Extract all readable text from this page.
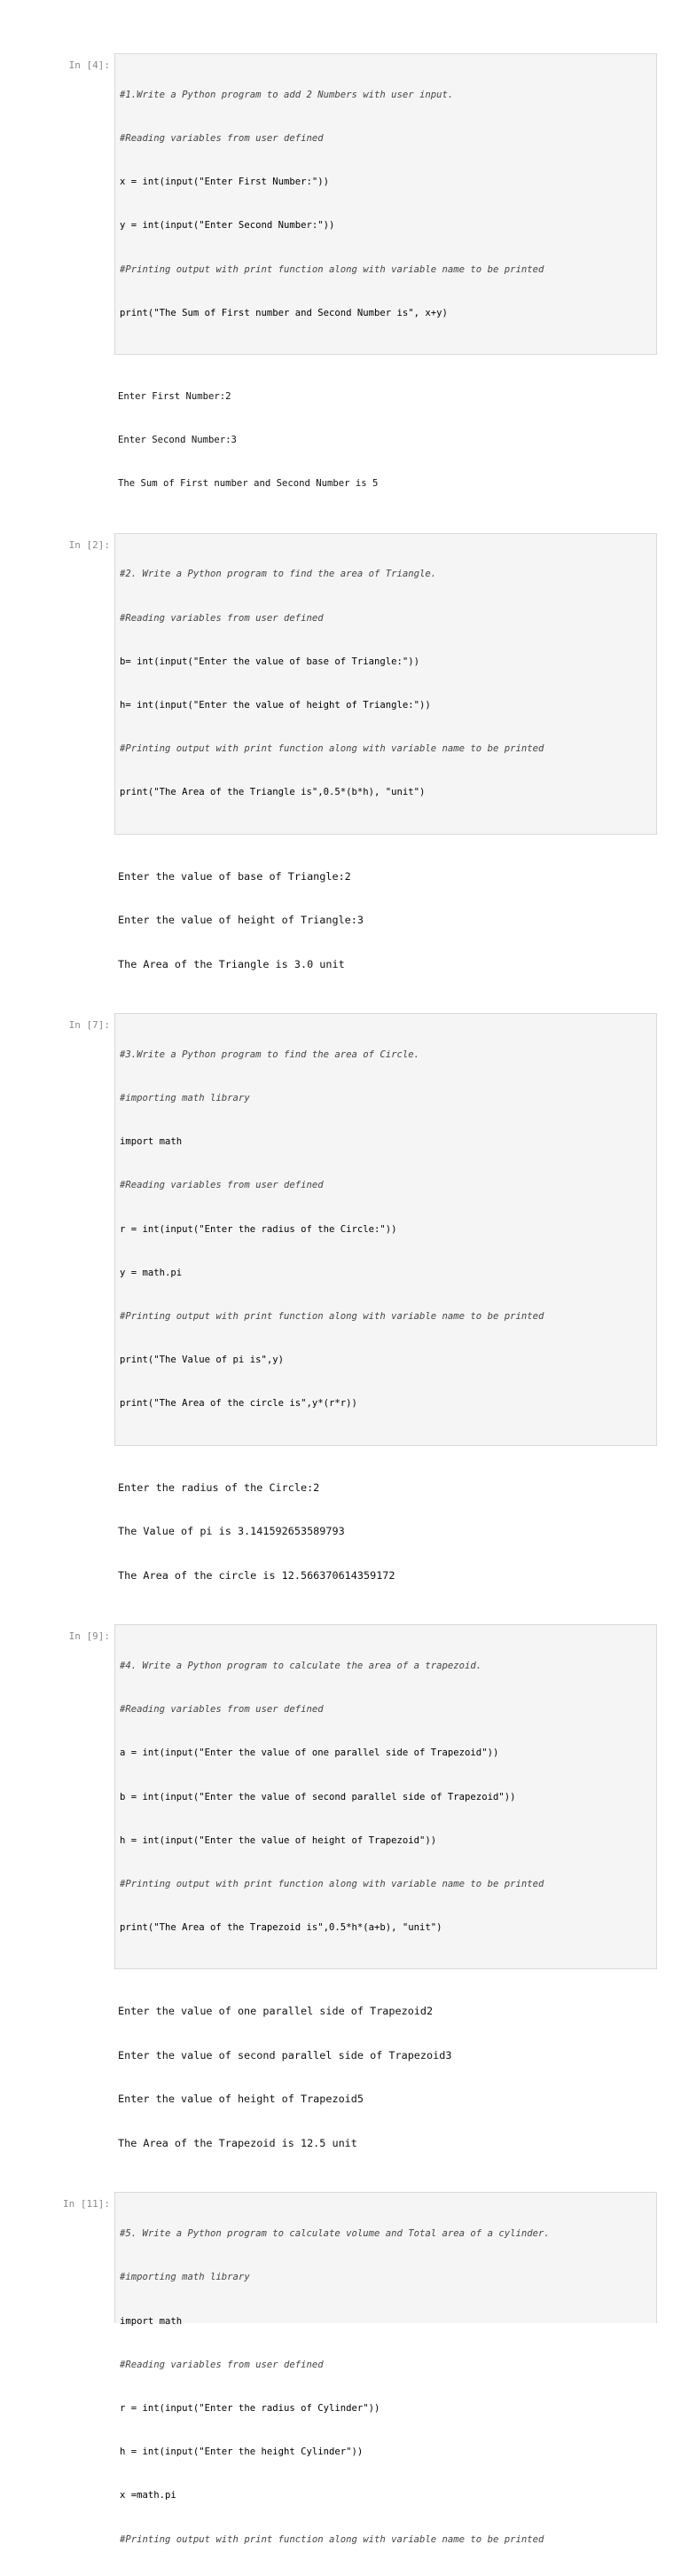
In [4]:

#1.Write a Python program to add 2 Numbers with user input.

#Reading variables from user defined

x = int(input("Enter First Number:"))

y = int(input("Enter Second Number:"))

#Printing output with print function along with variable name to be printed

print("The Sum of First number and Second Number is", x+y)

Enter First Number:2

Enter Second Number:3

The Sum of First number and Second Number is 5

In [2]:

#2. Write a Python program to find the area of Triangle.

#Reading variables from user defined

b= int(input("Enter the value of base of Triangle:"))

h= int(input("Enter the value of height of Triangle:"))

#Printing output with print function along with variable name to be printed

print("The Area of the Triangle is",0.5*(b*h), "unit")

Enter the value of base of Triangle:2

Enter the value of height of Triangle:3

The Area of the Triangle is 3.0 unit

In [7]:

#3.Write a Python program to find the area of Circle.

#importing math library

import math

#Reading variables from user defined

r = int(input("Enter the radius of the Circle:"))

y = math.pi

#Printing output with print function along with variable name to be printed

print("The Value of pi is",y)

print("The Area of the circle is",y*(r*r))

Enter the radius of the Circle:2

The Value of pi is 3.141592653589793

The Area of the circle is 12.566370614359172

In [9]:

#4. Write a Python program to calculate the area of a trapezoid.

#Reading variables from user defined

a = int(input("Enter the value of one parallel side of Trapezoid"))

b = int(input("Enter the value of second parallel side of Trapezoid"))

h = int(input("Enter the value of height of Trapezoid"))

#Printing output with print function along with variable name to be printed

print("The Area of the Trapezoid is",0.5*h*(a+b), "unit")

Enter the value of one parallel side of Trapezoid2

Enter the value of second parallel side of Trapezoid3

Enter the value of height of Trapezoid5

The Area of the Trapezoid is 12.5 unit

In [11]:

#5. Write a Python program to calculate volume and Total area of a cylinder.

#importing math library

import math

#Reading variables from user defined

r = int(input("Enter the radius of Cylinder"))

h = int(input("Enter the height Cylinder"))

x =math.pi

#Printing output with print function along with variable name to be printed
